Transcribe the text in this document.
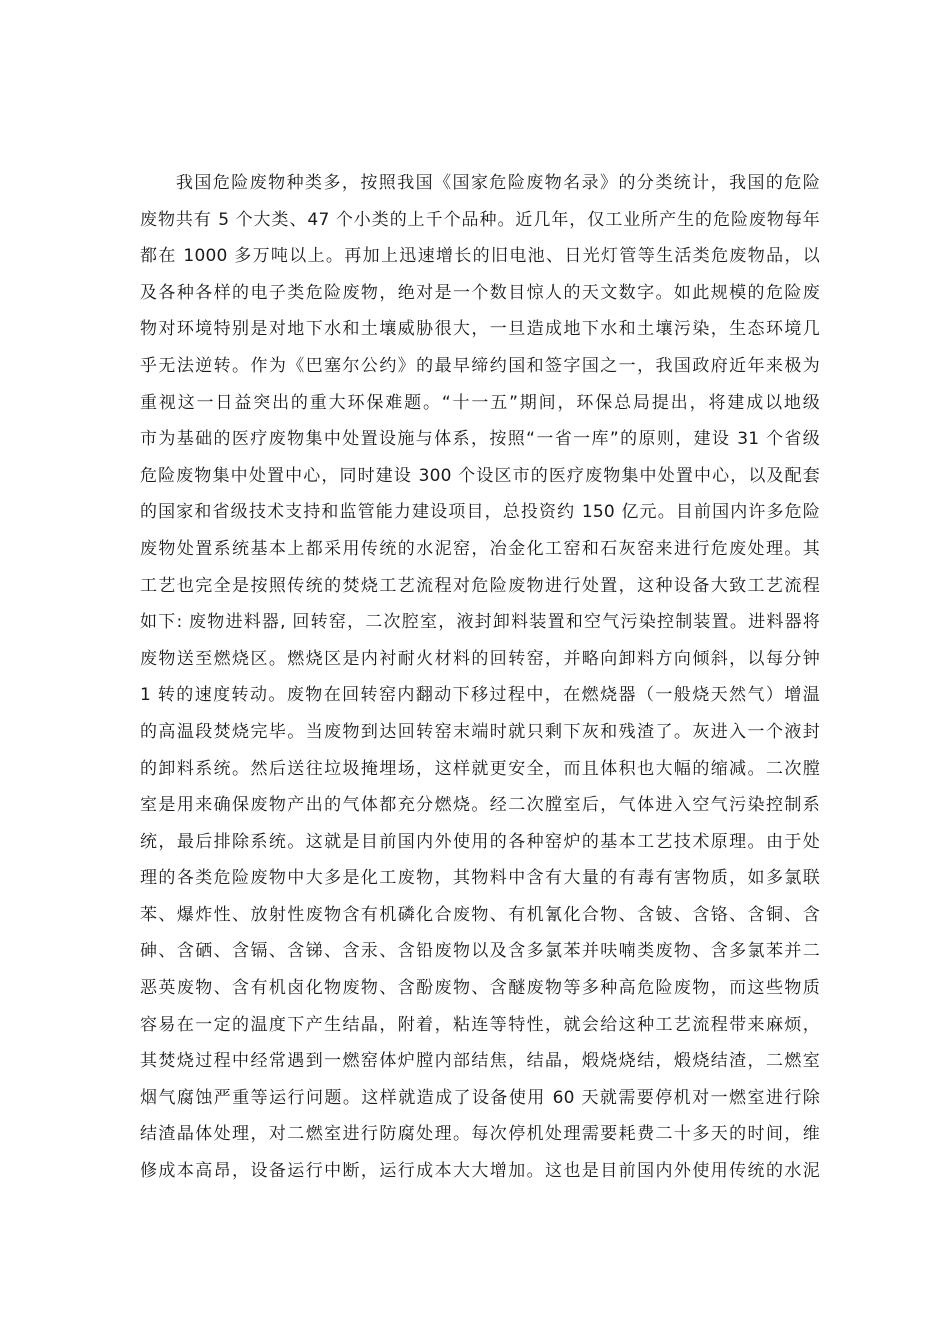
我国危险废物种类多，按照我国《国家危险废物名录》的分类统计，我国的危险
废物共有 5 个大类、47 个小类的上千个品种。近几年，仅工业所产生的危险废物每年
都在 1000 多万吨以上。再加上迅速增长的旧电池、日光灯管等生活类危废物品，以
及各种各样的电子类危险废物，绝对是一个数目惊人的天文数字。如此规模的危险废
物对环境特别是对地下水和土壤威胁很大，一旦造成地下水和土壤污染，生态环境几
乎无法逆转。作为《巴塞尔公约》的最早缔约国和签字国之一，我国政府近年来极为
重视这一日益突出的重大环保难题。“十一五”期间，环保总局提出，将建成以地级
市为基础的医疗废物集中处置设施与体系，按照“一省一库”的原则，建设 31 个省级
危险废物集中处置中心，同时建设 300 个设区市的医疗废物集中处置中心，以及配套
的国家和省级技术支持和监管能力建设项目，总投资约 150 亿元。目前国内许多危险
废物处置系统基本上都采用传统的水泥窑，冶金化工窑和石灰窑来进行危废处理。其
工艺也完全是按照传统的焚烧工艺流程对危险废物进行处置，这种设备大致工艺流程
如下: 废物进料器, 回转窑，二次腔室，液封卸料装置和空气污染控制装置。进料器将
废物送至燃烧区。燃烧区是内衬耐火材料的回转窑，并略向卸料方向倾斜，以每分钟
1 转的速度转动。废物在回转窑内翻动下移过程中，在燃烧器（一般烧天然气）增温
的高温段焚烧完毕。当废物到达回转窑末端时就只剩下灰和残渣了。灰进入一个液封
的卸料系统。然后送往垃圾掩埋场，这样就更安全，而且体积也大幅的缩减。二次膛
室是用来确保废物产出的气体都充分燃烧。经二次膛室后，气体进入空气污染控制系
统，最后排除系统。这就是目前国内外使用的各种窑炉的基本工艺技术原理。由于处
理的各类危险废物中大多是化工废物，其物料中含有大量的有毒有害物质，如多氯联
苯、爆炸性、放射性废物含有机磷化合废物、有机氰化合物、含铍、含铬、含铜、含
砷、含硒、含镉、含锑、含汞、含铅废物以及含多氯苯并呋喃类废物、含多氯苯并二
恶英废物、含有机卤化物废物、含酚废物、含醚废物等多种高危险废物，而这些物质
容易在一定的温度下产生结晶，附着，粘连等特性，就会给这种工艺流程带来麻烦，
其焚烧过程中经常遇到一燃窑体炉膛内部结焦，结晶，煅烧烧结，煅烧结渣，二燃室
烟气腐蚀严重等运行问题。这样就造成了设备使用 60 天就需要停机对一燃室进行除
结渣晶体处理，对二燃室进行防腐处理。每次停机处理需要耗费二十多天的时间，维
修成本高昂，设备运行中断，运行成本大大增加。这也是目前国内外使用传统的水泥
